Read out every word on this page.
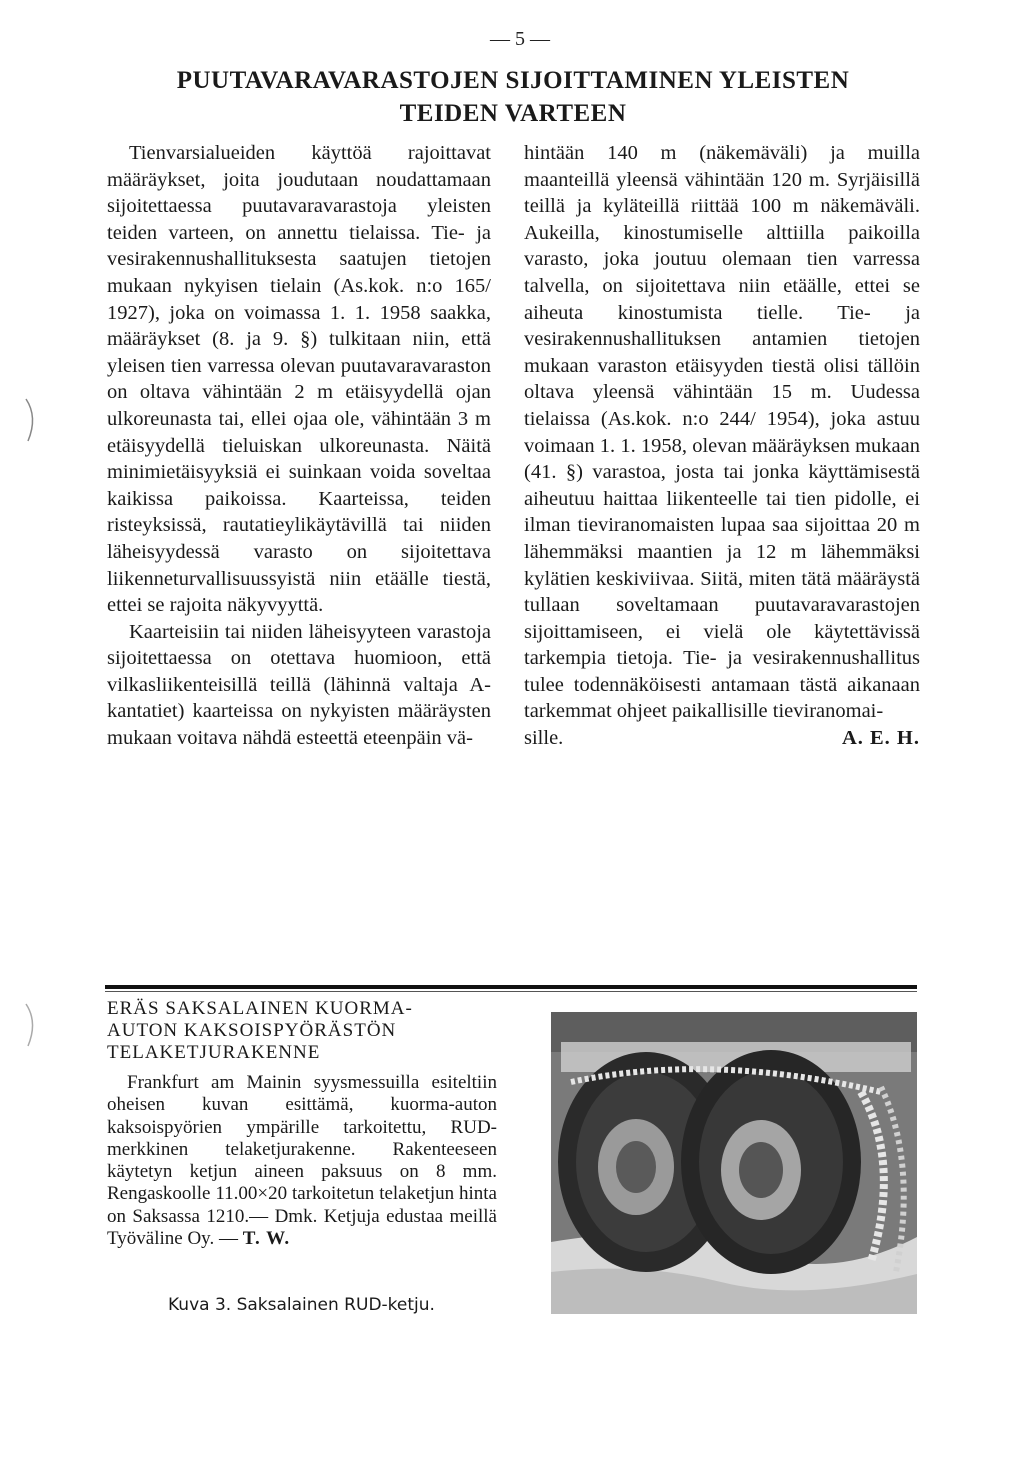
— 5 —
PUUTAVARAVARASTOJEN SIJOITTAMINEN YLEISTEN
TEIDEN VARTEEN

Tienvarsialueiden käyttöä rajoittavat määräykset, joita joudutaan noudattamaan sijoitettaessa puutavaravarastoja yleisten teiden varteen, on annettu tielaissa. Tie- ja vesirakennushallituksesta saatujen tietojen mukaan nykyisen tielain (As.kok. n:o 165/ 1927), joka on voimassa 1. 1. 1958 saakka, määräykset (8. ja 9. §) tulkitaan niin, että yleisen tien varressa olevan puutavaravaraston on oltava vähintään 2 m etäisyydellä ojan ulkoreunasta tai, ellei ojaa ole, vähintään 3 m etäisyydellä tieluiskan ulkoreunasta. Näitä minimietäisyyksiä ei suinkaan voida soveltaa kaikissa paikoissa. Kaarteissa, teiden risteyksissä, rautatieylikäytävillä tai niiden läheisyydessä varasto on sijoitettava liikenneturvallisuussyistä niin etäälle tiestä, ettei se rajoita näkyvyyttä.

Kaarteisiin tai niiden läheisyyteen varastoja sijoitettaessa on otettava huomioon, että vilkasliikenteisillä teillä (lähinnä valtaja A-kantatiet) kaarteissa on nykyisten määräysten mukaan voitava nähdä esteettä eteenpäin vä-

hintään 140 m (näkemäväli) ja muilla maanteillä yleensä vähintään 120 m. Syrjäisillä teillä ja kyläteillä riittää 100 m näkemäväli. Aukeilla, kinostumiselle alttiilla paikoilla varasto, joka joutuu olemaan tien varressa talvella, on sijoitettava niin etäälle, ettei se aiheuta kinostumista tielle. Tie- ja vesirakennushallituksen antamien tietojen mukaan varaston etäisyyden tiestä olisi tällöin oltava yleensä vähintään 15 m. Uudessa tielaissa (As.kok. n:o 244/ 1954), joka astuu voimaan 1. 1. 1958, olevan määräyksen mukaan (41. §) varastoa, josta tai jonka käyttämisestä aiheutuu haittaa liikenteelle tai tien pidolle, ei ilman tieviranomaisten lupaa saa sijoittaa 20 m lähemmäksi maantien ja 12 m lähemmäksi kylätien keskiviivaa. Siitä, miten tätä määräystä tullaan soveltamaan puutavaravarastojen sijoittamiseen, ei vielä ole käytettävissä tarkempia tietoja. Tie- ja vesirakennushallitus tulee todennäköisesti antamaan tästä aikanaan tarkemmat ohjeet paikallisille tieviranomai-

sille.	A. E. H.
ERÄS SAKSALAINEN KUORMA-
AUTON KAKSOISPYÖRÄSTÖN
TELAKETJURAKENNE

Frankfurt am Mainin syysmessuilla esiteltiin oheisen kuvan esittämä, kuorma-auton kaksoispyörien ympärille tarkoitettu, RUD-merkkinen telaketjurakenne. Rakenteeseen käytetyn ketjun aineen paksuus on 8 mm. Rengaskoolle 11.00×20 tarkoitetun telaketjun hinta on Saksassa 1210.— Dmk. Ketjuja edustaa meillä Työväline Oy. — T. W.

Kuva 3. Saksalainen RUD-ketju.
